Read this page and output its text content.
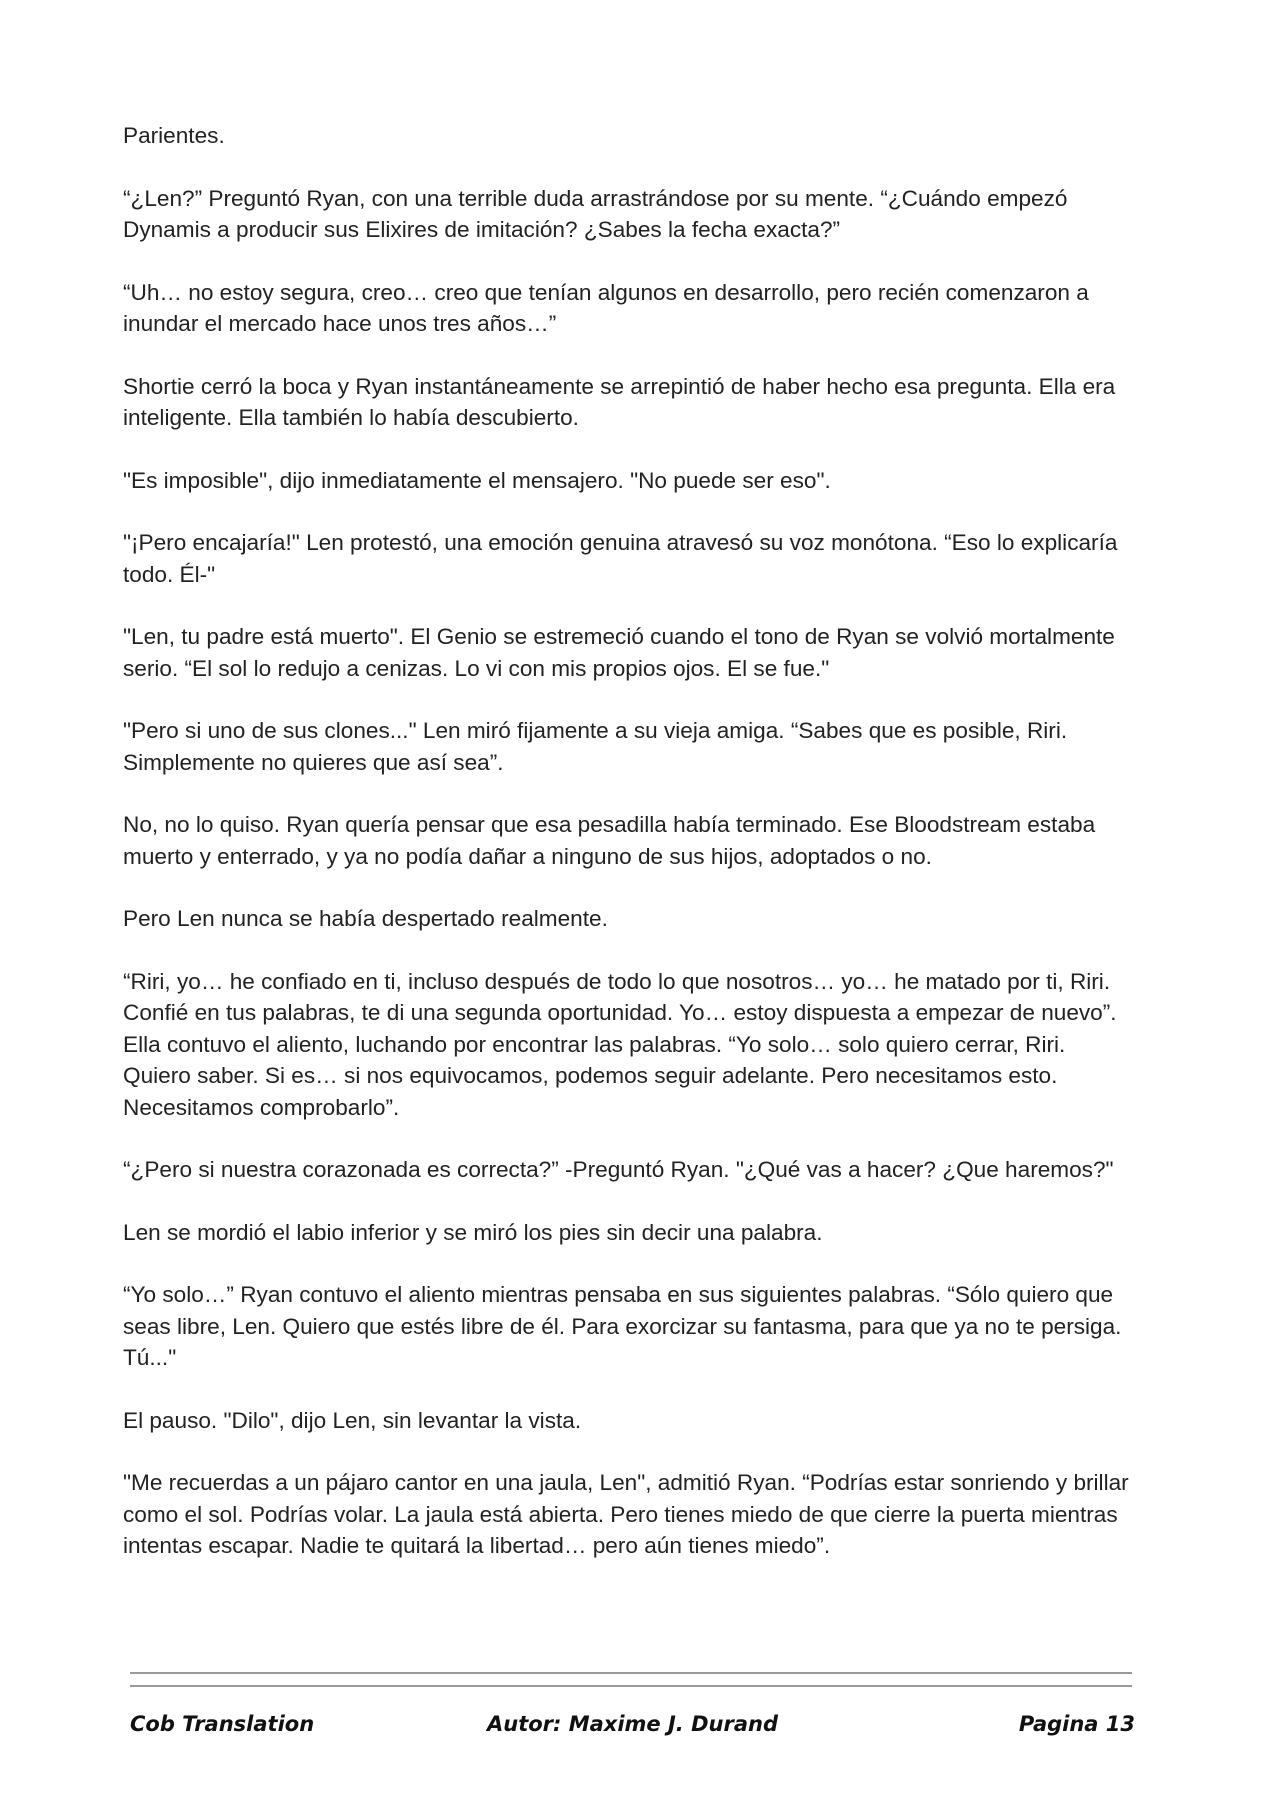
Parientes.

“¿Len?” Preguntó Ryan, con una terrible duda arrastrándose por su mente. “¿Cuándo empezó Dynamis a producir sus Elixires de imitación? ¿Sabes la fecha exacta?”

“Uh… no estoy segura, creo… creo que tenían algunos en desarrollo, pero recién comenzaron a inundar el mercado hace unos tres años…”

Shortie cerró la boca y Ryan instantáneamente se arrepintió de haber hecho esa pregunta. Ella era inteligente. Ella también lo había descubierto.

"Es imposible", dijo inmediatamente el mensajero. "No puede ser eso".

"¡Pero encajaría!" Len protestó, una emoción genuina atravesó su voz monótona. “Eso lo explicaría todo. Él-"

"Len, tu padre está muerto". El Genio se estremeció cuando el tono de Ryan se volvió mortalmente serio. “El sol lo redujo a cenizas. Lo vi con mis propios ojos. El se fue."

"Pero si uno de sus clones..." Len miró fijamente a su vieja amiga. “Sabes que es posible, Riri. Simplemente no quieres que así sea”.

No, no lo quiso. Ryan quería pensar que esa pesadilla había terminado. Ese Bloodstream estaba muerto y enterrado, y ya no podía dañar a ninguno de sus hijos, adoptados o no.

Pero Len nunca se había despertado realmente.

“Riri, yo… he confiado en ti, incluso después de todo lo que nosotros… yo… he matado por ti, Riri. Confié en tus palabras, te di una segunda oportunidad. Yo… estoy dispuesta a empezar de nuevo”. Ella contuvo el aliento, luchando por encontrar las palabras. “Yo solo… solo quiero cerrar, Riri. Quiero saber. Si es… si nos equivocamos, podemos seguir adelante. Pero necesitamos esto. Necesitamos comprobarlo”.

“¿Pero si nuestra corazonada es correcta?” -Preguntó Ryan. "¿Qué vas a hacer? ¿Que haremos?"

Len se mordió el labio inferior y se miró los pies sin decir una palabra.

“Yo solo…” Ryan contuvo el aliento mientras pensaba en sus siguientes palabras. “Sólo quiero que seas libre, Len. Quiero que estés libre de él. Para exorcizar su fantasma, para que ya no te persiga. Tú..."

El pauso. "Dilo", dijo Len, sin levantar la vista.

"Me recuerdas a un pájaro cantor en una jaula, Len", admitió Ryan. “Podrías estar sonriendo y brillar como el sol. Podrías volar. La jaula está abierta. Pero tienes miedo de que cierre la puerta mientras intentas escapar. Nadie te quitará la libertad… pero aún tienes miedo”.

Cob Translation	Autor: Maxime J. Durand	Pagina 13
